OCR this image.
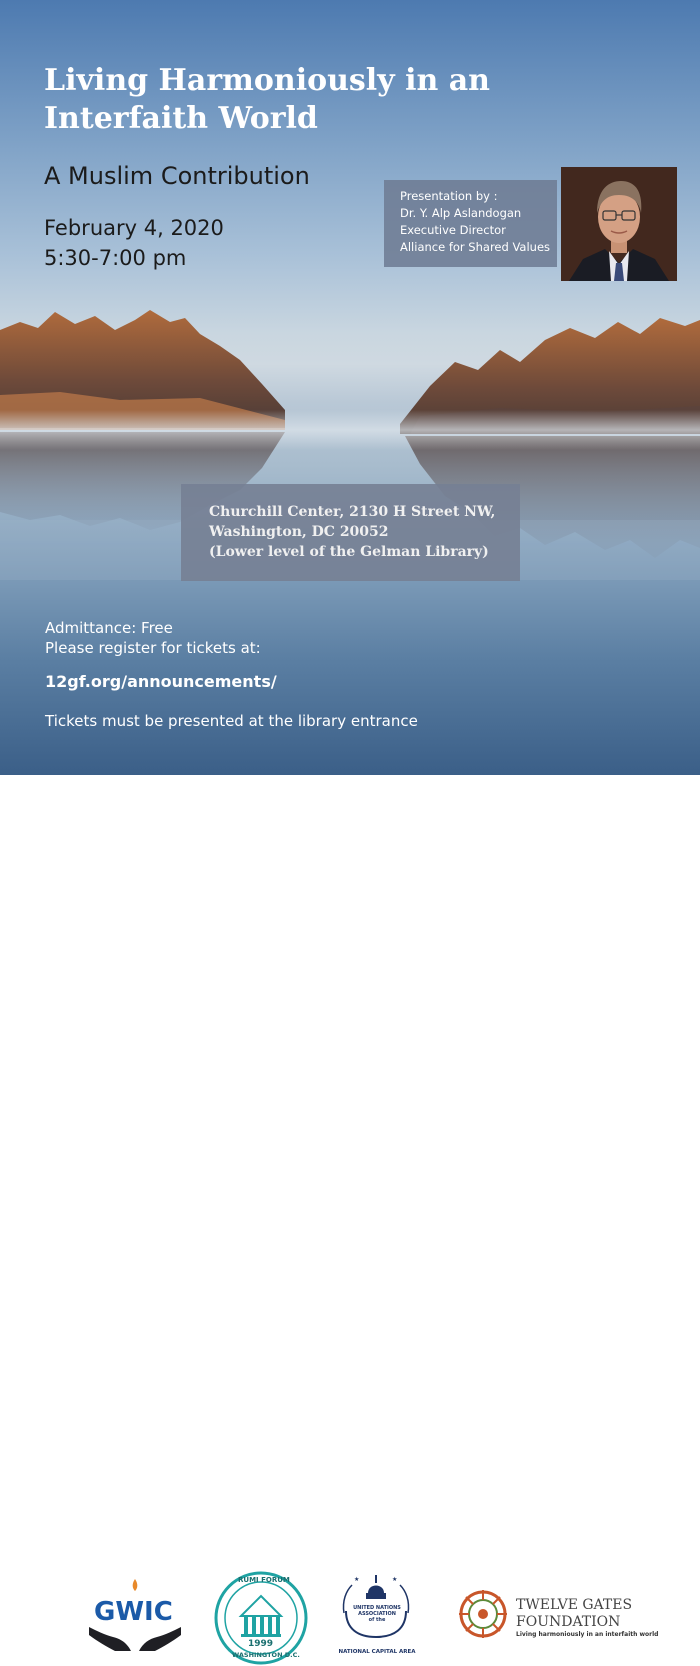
Living Harmoniously in an Interfaith World
A Muslim Contribution
February 4, 2020
5:30-7:00 pm
Presentation by :
Dr. Y. Alp Aslandogan
Executive Director
Alliance for Shared Values
Churchill Center, 2130 H Street NW,
Washington, DC 20052
(Lower level of the Gelman Library)
Admittance: Free
Please register for tickets at:
12gf.org/announcements/
Tickets must be presented at the library entrance
GWIC
RUMI FORUM
1999
WASHINGTON D.C.
★	★
UNITED NATIONS
ASSOCIATION
of the
NATIONAL CAPITAL AREA
TWELVE GATES
FOUNDATION
Living harmoniously in an interfaith world
